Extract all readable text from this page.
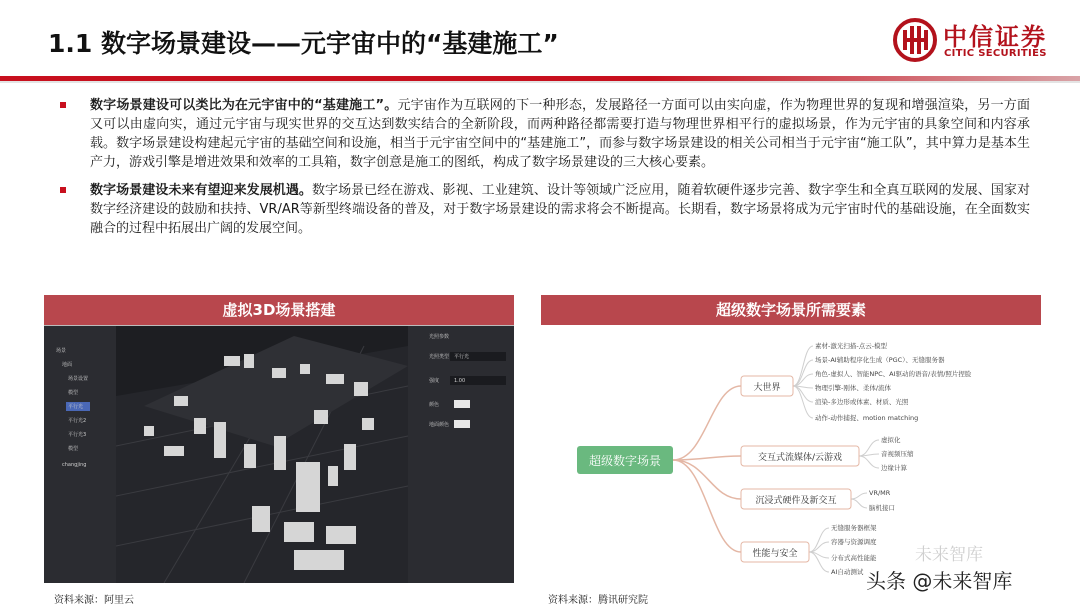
1.1 数字场景建设——元宇宙中的“基建施工”	中信证券
CITIC SECURITIES
数字场景建设可以类比为在元宇宙中的“基建施工”。元宇宙作为互联网的下一种形态，发展路径一方面可以由实向虚，作为物理世界的复现和增强渲染，另一方面又可以由虚向实，通过元宇宙与现实世界的交互达到数实结合的全新阶段，而两种路径都需要打造与物理世界相平行的虚拟场景，作为元宇宙的具象空间和内容承载。数字场景建设构建起元宇宙的基础空间和设施，相当于元宇宙空间中的“基建施工”，而参与数字场景建设的相关公司相当于元宇宙“施工队”，其中算力是基本生产力，游戏引擎是增进效果和效率的工具箱，数字创意是施工的图纸，构成了数字场景建设的三大核心要素。
数字场景建设未来有望迎来发展机遇。数字场景已经在游戏、影视、工业建筑、设计等领域广泛应用，随着软硬件逐步完善、数字孪生和全真互联网的发展、国家对数字经济建设的鼓励和扶持、VR/AR等新型终端设备的普及，对于数字场景建设的需求将会不断提高。长期看，数字场景将成为元宇宙时代的基础设施，在全面数实融合的过程中拓展出广阔的发展空间。
虚拟3D场景搭建
场景
地面
场景设置
模型
平行光
平行光2
平行光3
模型
changjing
光照参数
光照类型 平行光
强度	1.00
颜色
地面颜色
资料来源：阿里云
超级数字场景所需要素
超级数字场景
大世界
交互式流媒体/云游戏
沉浸式硬件及新交互
性能与安全
素材-激光扫描-点云-模型
场景-AI辅助程序化生成（PGC）、无缝服务器
角色-虚拟人、智能NPC、AI驱动的语音/表情/照片捏脸
物理引擎-刚体、柔体/流体
渲染-多边形或体素、材质、光照
动作-动作捕捉、motion matching
虚拟化
音视频压缩
边缘计算
VR/MR
脑机接口
无缝服务器框架
容器与资源调度
分布式高性能能
AI自动测试
资料来源：腾讯研究院
未来智库
头条 @未来智库
